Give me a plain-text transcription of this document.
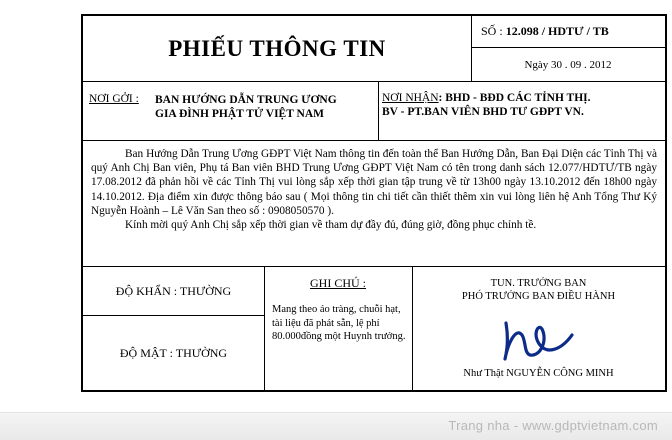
PHIẾU THÔNG TIN
SỐ : 12.098 / HDTƯ / TB
Ngày 30 . 09 . 2012
NƠI GỞI : BAN HƯỚNG DẪN TRUNG ƯƠNG
GIA ĐÌNH PHẬT TỬ VIỆT NAM
NƠI NHẬN: BHD - BĐD CÁC TỈNH THỊ.
BV - PT.BAN VIÊN BHD TƯ GĐPT VN.

Ban Hướng Dẫn Trung Ương GĐPT Việt Nam thông tin đến toàn thể Ban Hướng Dẫn, Ban Đại Diện các Tỉnh Thị và quý Anh Chị Ban viên, Phụ tá Ban viên BHD Trung Ương GĐPT Việt Nam có tên trong danh sách 12.077/HDTƯ/TB ngày 17.08.2012 đã phản hồi về các Tỉnh Thị vui lòng sắp xếp thời gian tập trung về từ 13h00 ngày 13.10.2012 đến 18h00 ngày 14.10.2012. Địa điểm xin được thông báo sau ( Mọi thông tin chi tiết cần thiết thêm xin vui lòng liên hệ Anh Tổng Thư Ký Nguyễn Hoành – Lê Văn San theo số : 0908050570 ).

Kính mời quý Anh Chị sắp xếp thời gian về tham dự đầy đủ, đúng giờ, đồng phục chỉnh tề.

ĐỘ KHẨN : THƯỜNG
ĐỘ MẬT : THƯỜNG
GHI CHÚ :
Mang theo áo tràng, chuỗi hạt, tài liệu đã phát sẵn, lệ phí 80.000đồng một Huynh trưởng.
TUN. TRƯỞNG BAN
PHÓ TRƯỞNG BAN ĐIỀU HÀNH
Như Thật NGUYỄN CÔNG MINH
Trang nha - www.gdptvietnam.com
